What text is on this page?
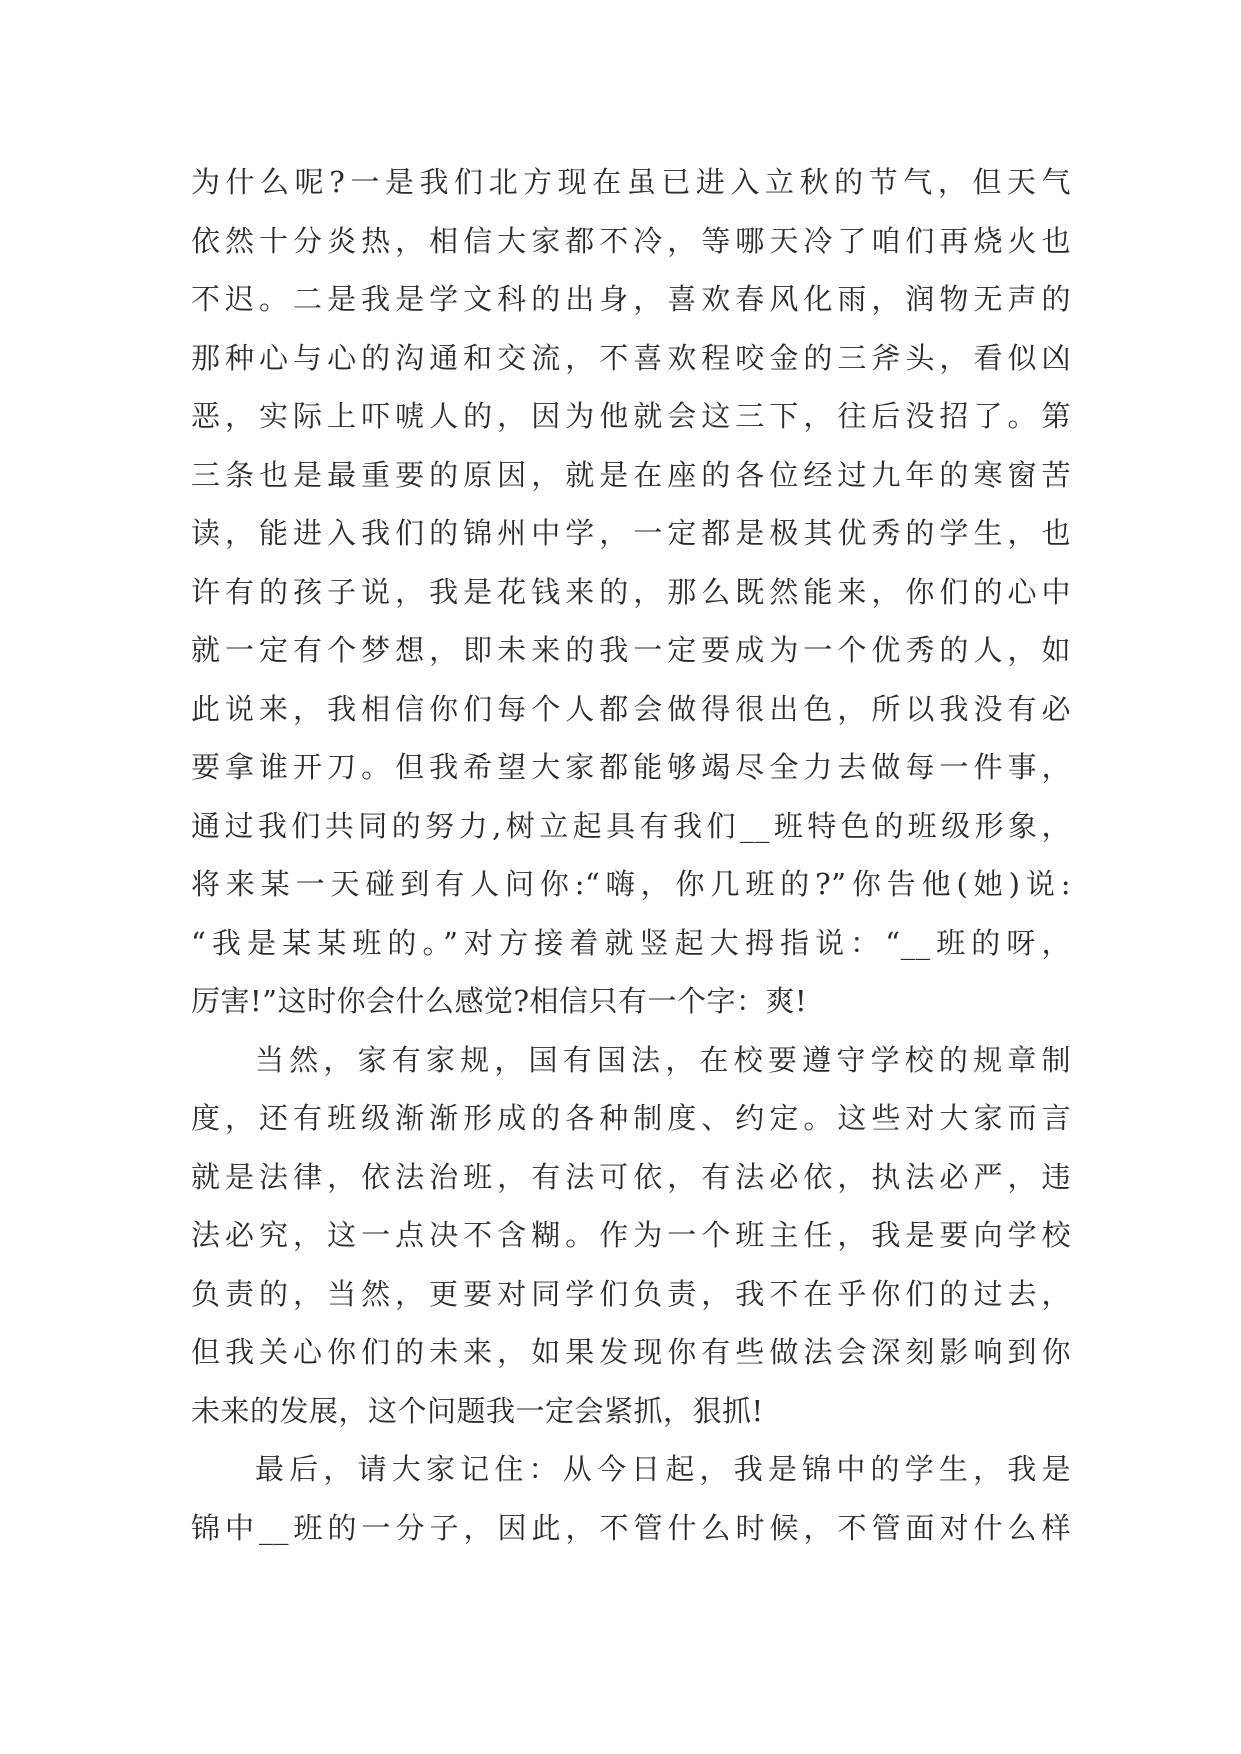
为什么呢?一是我们北方现在虽已进入立秋的节气，但天气
依然十分炎热，相信大家都不冷，等哪天冷了咱们再烧火也
不迟。二是我是学文科的出身，喜欢春风化雨，润物无声的
那种心与心的沟通和交流，不喜欢程咬金的三斧头，看似凶
恶，实际上吓唬人的，因为他就会这三下，往后没招了。第
三条也是最重要的原因，就是在座的各位经过九年的寒窗苦
读，能进入我们的锦州中学，一定都是极其优秀的学生，也
许有的孩子说，我是花钱来的，那么既然能来，你们的心中
就一定有个梦想，即未来的我一定要成为一个优秀的人，如
此说来，我相信你们每个人都会做得很出色，所以我没有必
要拿谁开刀。但我希望大家都能够竭尽全力去做每一件事，
通过我们共同的努力,树立起具有我们__班特色的班级形象，
将来某一天碰到有人问你:“嗨，你几班的?”你告他(她)说:
“我是某某班的。”对方接着就竖起大拇指说：“__班的呀，
厉害!”这时你会什么感觉?相信只有一个字：爽!
当然，家有家规，国有国法，在校要遵守学校的规章制
度，还有班级渐渐形成的各种制度、约定。这些对大家而言
就是法律，依法治班，有法可依，有法必依，执法必严，违
法必究，这一点决不含糊。作为一个班主任，我是要向学校
负责的，当然，更要对同学们负责，我不在乎你们的过去，
但我关心你们的未来，如果发现你有些做法会深刻影响到你
未来的发展，这个问题我一定会紧抓，狠抓!
最后，请大家记住：从今日起，我是锦中的学生，我是
锦中__班的一分子，因此，不管什么时候，不管面对什么样
